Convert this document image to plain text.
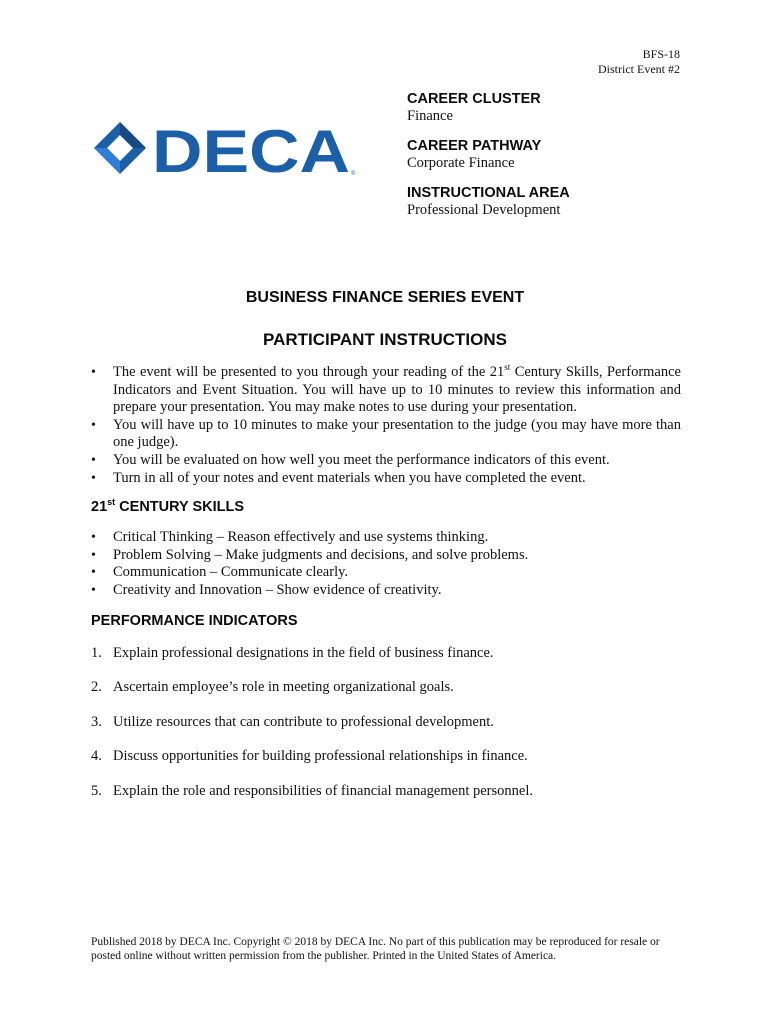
BFS-18
District Event #2
DECA ®
CAREER CLUSTER
Finance
CAREER PATHWAY
Corporate Finance
INSTRUCTIONAL AREA
Professional Development
BUSINESS FINANCE SERIES EVENT
PARTICIPANT INSTRUCTIONS
• The event will be presented to you through your reading of the 21st Century Skills, Performance Indicators and Event Situation. You will have up to 10 minutes to review this information and prepare your presentation. You may make notes to use during your presentation.
• You will have up to 10 minutes to make your presentation to the judge (you may have more than one judge).
• You will be evaluated on how well you meet the performance indicators of this event.
• Turn in all of your notes and event materials when you have completed the event.
21st CENTURY SKILLS
• Critical Thinking – Reason effectively and use systems thinking.
• Problem Solving – Make judgments and decisions, and solve problems.
• Communication – Communicate clearly.
• Creativity and Innovation – Show evidence of creativity.
PERFORMANCE INDICATORS
1. Explain professional designations in the field of business finance.
2. Ascertain employee’s role in meeting organizational goals.
3. Utilize resources that can contribute to professional development.
4. Discuss opportunities for building professional relationships in finance.
5. Explain the role and responsibilities of financial management personnel.
Published 2018 by DECA Inc. Copyright © 2018 by DECA Inc. No part of this publication may be reproduced for resale or posted online without written permission from the publisher. Printed in the United States of America.
